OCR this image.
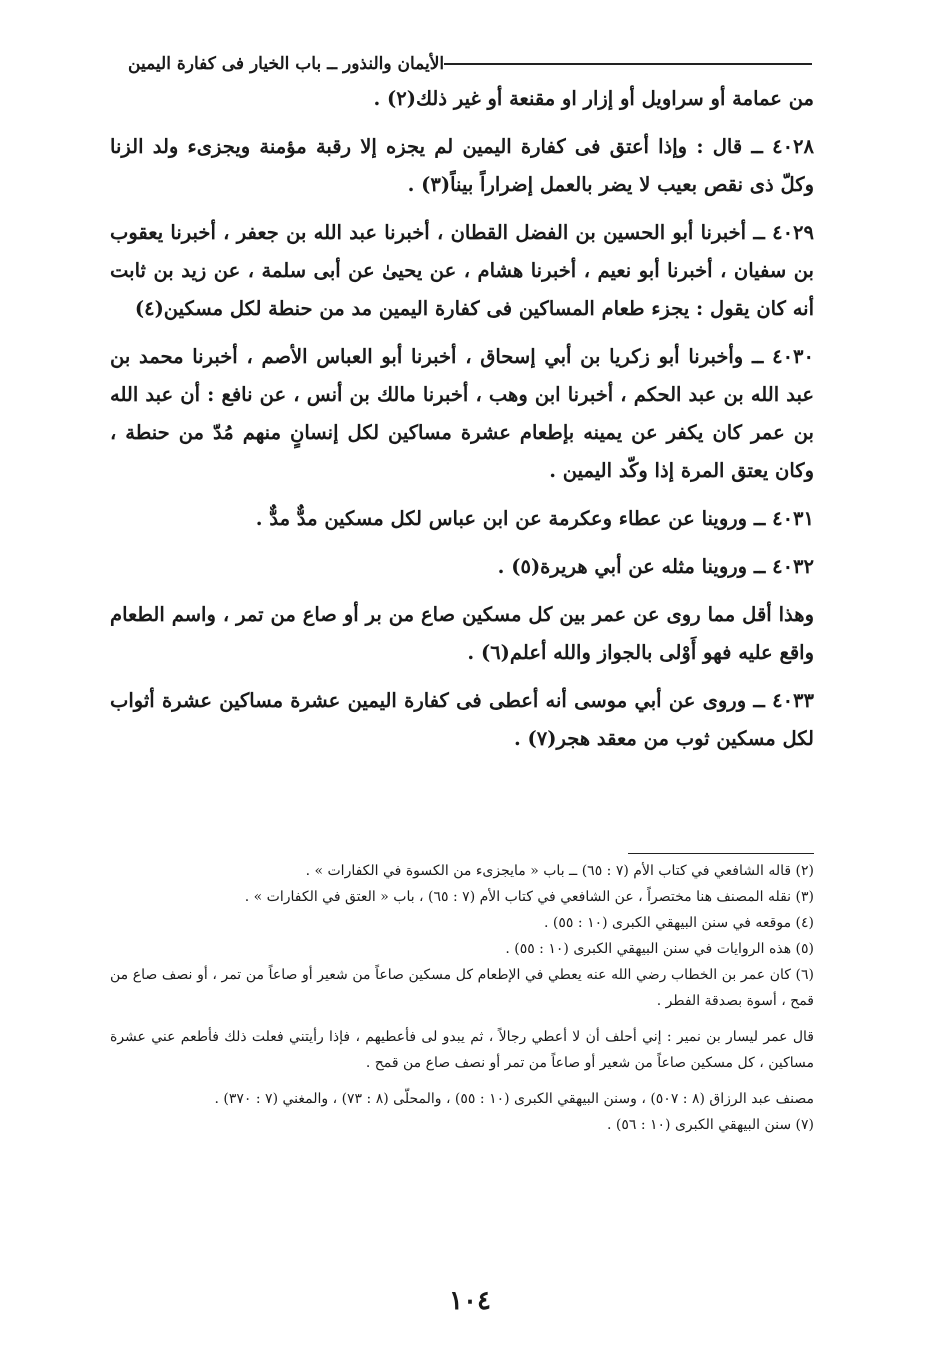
الأيمان والنذور ــ باب الخيار فى كفارة اليمين

من عمامة أو سراويل أو إزار او مقنعة أو غير ذلك(٢) .

٤٠٢٨ ــ قال : وإذا أعتق فى كفارة اليمين لم يجزه إلا رقبة مؤمنة ويجزىء ولد الزنا وكلّ ذى نقص بعيب لا يضر بالعمل إضراراً بيناً(٣) .

٤٠٢٩ ــ أخبرنا أبو الحسين بن الفضل القطان ، أخبرنا عبد الله بن جعفر ، أخبرنا يعقوب بن سفيان ، أخبرنا أبو نعيم ، أخبرنا هشام ، عن يحيىٰ عن أبى سلمة ، عن زيد بن ثابت أنه كان يقول : يجزء طعام المساكين فى كفارة اليمين مد من حنطة لكل مسكين(٤)

٤٠٣٠ ــ وأخبرنا أبو زكريا بن أبي إسحاق ، أخبرنا أبو العباس الأصم ، أخبرنا محمد بن عبد الله بن عبد الحكم ، أخبرنا ابن وهب ، أخبرنا مالك بن أنس ، عن نافع : أن عبد الله بن عمر كان يكفر عن يمينه بإطعام عشرة مساكين لكل إنسانٍ منهم مُدّ من حنطة ، وكان يعتق المرة إذا وكّد اليمين .

٤٠٣١ ــ وروينا عن عطاء وعكرمة عن ابن عباس لكل مسكين مدٌّ مدٌّ .

٤٠٣٢ ــ وروينا مثله عن أبي هريرة(٥) .

وهذا أقل مما روى عن عمر بين كل مسكين صاع من بر أو صاع من تمر ، واسم الطعام واقع عليه فهو أَوْلى بالجواز والله أعلم(٦) .

٤٠٣٣ ــ وروى عن أبي موسى أنه أعطى فى كفارة اليمين عشرة مساكين عشرة أثواب لكل مسكين ثوب من معقد هجر(٧) .

(٢) قاله الشافعي في كتاب الأم (٧ : ٦٥) ــ باب « مايجزىء من الكسوة في الكفارات » .

(٣) نقله المصنف هنا مختصراً ، عن الشافعي في كتاب الأم (٧ : ٦٥) ، باب « العتق في الكفارات » .

(٤) موقعه في سنن البيهقي الكبرى (١٠ : ٥٥) .

(٥) هذه الروايات في سنن البيهقي الكبرى (١٠ : ٥٥) .

(٦) كان عمر بن الخطاب رضي الله عنه يعطي في الإطعام كل مسكين صاعاً من شعير أو صاعاً من تمر ، أو نصف صاع من قمح ، أسوة بصدقة الفطر .

قال عمر ليسار بن نمير : إني أحلف أن لا أعطي رجالاً ، ثم يبدو لى فأعطيهم ، فإذا رأيتني فعلت ذلك فأطعم عني عشرة مساكين ، كل مسكين صاعاً من شعير أو صاعاً من تمر أو نصف صاع من قمح .

مصنف عبد الرزاق (٨ : ٥٠٧) ، وسنن البيهقي الكبرى (١٠ : ٥٥) ، والمحلّى (٨ : ٧٣) ، والمغني (٧ : ٣٧٠) .

(٧) سنن البيهقي الكبرى (١٠ : ٥٦) .

١٠٤
